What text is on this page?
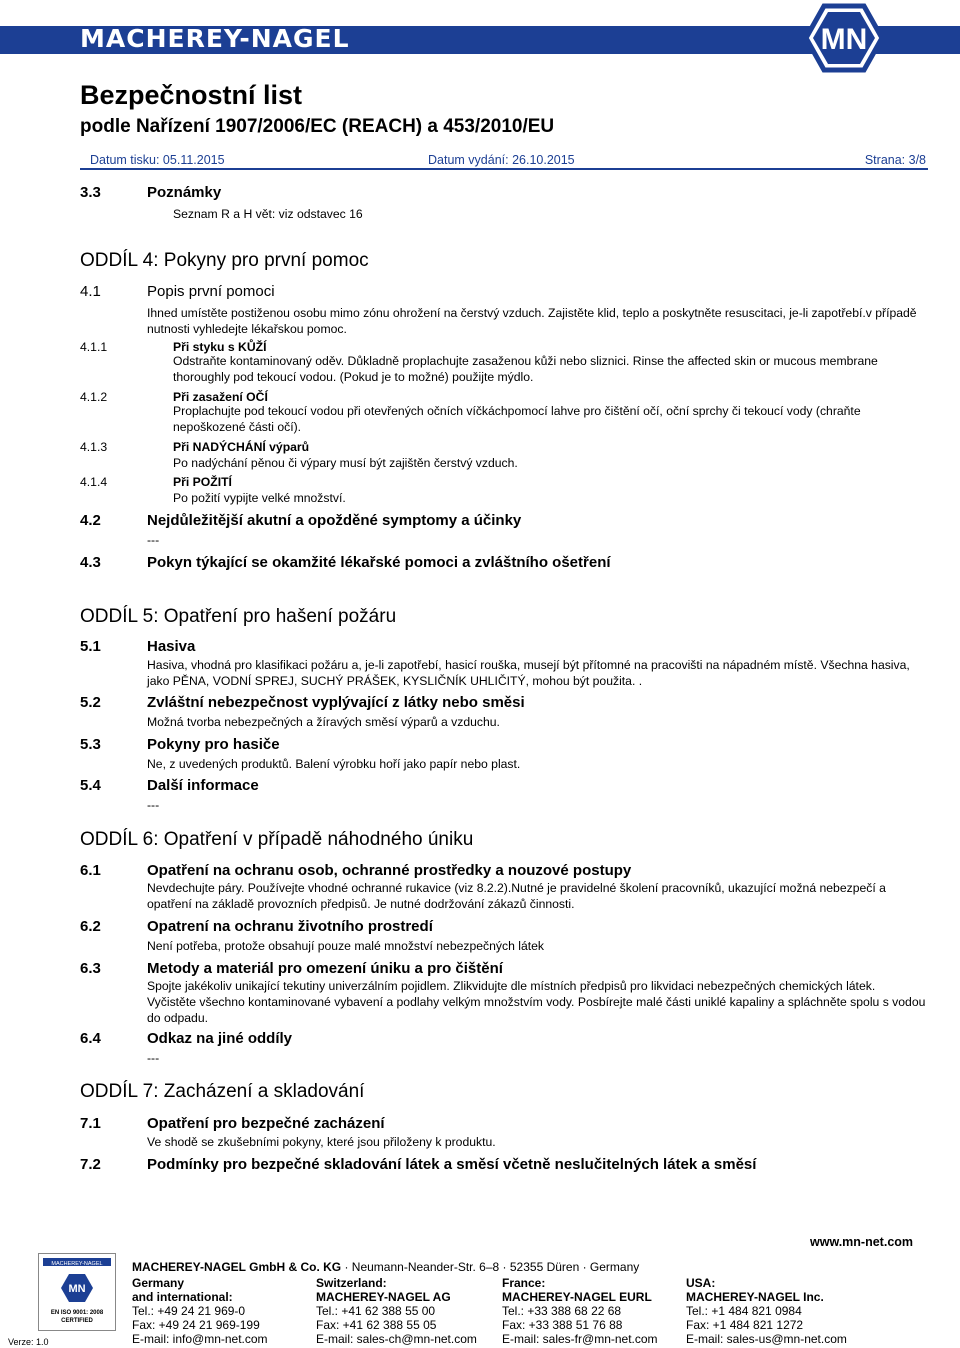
MACHEREY-NAGEL	MN
Bezpečnostní list
podle Nařízení 1907/2006/EC (REACH) a 453/2010/EU
Datum tisku: 05.11.2015	Datum vydání: 26.10.2015	Strana: 3/8
3.3	Poznámky
Seznam R a H vět: viz odstavec 16
ODDÍL 4: Pokyny pro první pomoc
4.1	Popis první pomoci
Ihned umístěte postiženou osobu mimo zónu ohrožení na čerstvý vzduch. Zajistěte klid, teplo a poskytněte resuscitaci, je-li zapotřebí.v případě nutnosti vyhledejte lékařskou pomoc.
4.1.1	Při styku s KŮŽÍ
Odstraňte kontaminovaný oděv. Důkladně proplachujte zasaženou kůži nebo sliznici. Rinse the affected skin or mucous membrane thoroughly pod tekoucí vodou. (Pokud je to možné) použijte mýdlo.
4.1.2	Při zasažení OČÍ
Proplachujte pod tekoucí vodou při otevřených očních víčkáchpomocí lahve pro čištění očí, oční sprchy či tekoucí vody (chraňte nepoškozené části očí).
4.1.3	Při NADÝCHÁNÍ výparů
Po nadýchání pěnou či výpary musí být zajištěn čerstvý vzduch.
4.1.4	Při POŽITÍ
Po požití vypijte velké množství.
4.2	Nejdůležitější akutní a opožděné symptomy a účinky
---
4.3	Pokyn týkající se okamžité lékařské pomoci a zvláštního ošetření
ODDÍL 5: Opatření pro hašení požáru
5.1	Hasiva
Hasiva, vhodná pro klasifikaci požáru a, je-li zapotřebí, hasicí rouška, musejí být přítomné na pracovišti na nápadném místě. Všechna hasiva, jako PĚNA, VODNÍ SPREJ, SUCHÝ PRÁŠEK, KYSLIČNÍK UHLIČITÝ, mohou být použita. .
5.2	Zvláštní nebezpečnost vyplývající z látky nebo směsi
Možná tvorba nebezpečných a žíravých směsí výparů a vzduchu.
5.3	Pokyny pro hasiče
Ne, z uvedených produktů. Balení výrobku hoří jako papír nebo plast.
5.4	Další informace
---
ODDÍL 6: Opatření v případě náhodného úniku
6.1	Opatření na ochranu osob, ochranné prostředky a nouzové postupy
Nevdechujte páry. Používejte vhodné ochranné rukavice (viz 8.2.2).Nutné je pravidelné školení pracovníků, ukazující možná nebezpečí a opatření na základě provozních předpisů. Je nutné dodržování zákazů činnosti.
6.2	Opatrení na ochranu životního prostredí
Není potřeba, protože obsahují pouze malé množství nebezpečných látek
6.3	Metody a materiál pro omezení úniku a pro čištění
Spojte jakékoliv unikající tekutiny univerzálním pojidlem. Zlikvidujte dle místních předpisů pro likvidaci nebezpečných chemických látek. Vyčistěte všechno kontaminované vybavení a podlahy velkým množstvím vody. Posbírejte malé části uniklé kapaliny a spláchněte spolu s vodou do odpadu.
6.4	Odkaz na jiné oddíly
---
ODDÍL 7: Zacházení a skladování
7.1	Opatření pro bezpečné zacházení
Ve shodě se zkušebními pokyny, které jsou přiloženy k produktu.
7.2	Podmínky pro bezpečné skladování látek a směsí včetně neslučitelných látek a směsí
MACHEREY-NAGEL
MN
EN ISO 9001: 2008
CERTIFIED
Verze: 1.0
www.mn-net.com
MACHEREY-NAGEL GmbH & Co. KG · Neumann-Neander-Str. 6–8 · 52355 Düren · Germany
Germany
and international:
Tel.: +49 24 21 969-0
Fax: +49 24 21 969-199
E-mail: info@mn-net.com
Switzerland:
MACHEREY-NAGEL AG
Tel.: +41 62 388 55 00
Fax: +41 62 388 55 05
E-mail: sales-ch@mn-net.com
France:
MACHEREY-NAGEL EURL
Tel.: +33 388 68 22 68
Fax: +33 388 51 76 88
E-mail: sales-fr@mn-net.com
USA:
MACHEREY-NAGEL Inc.
Tel.: +1 484 821 0984
Fax: +1 484 821 1272
E-mail: sales-us@mn-net.com
